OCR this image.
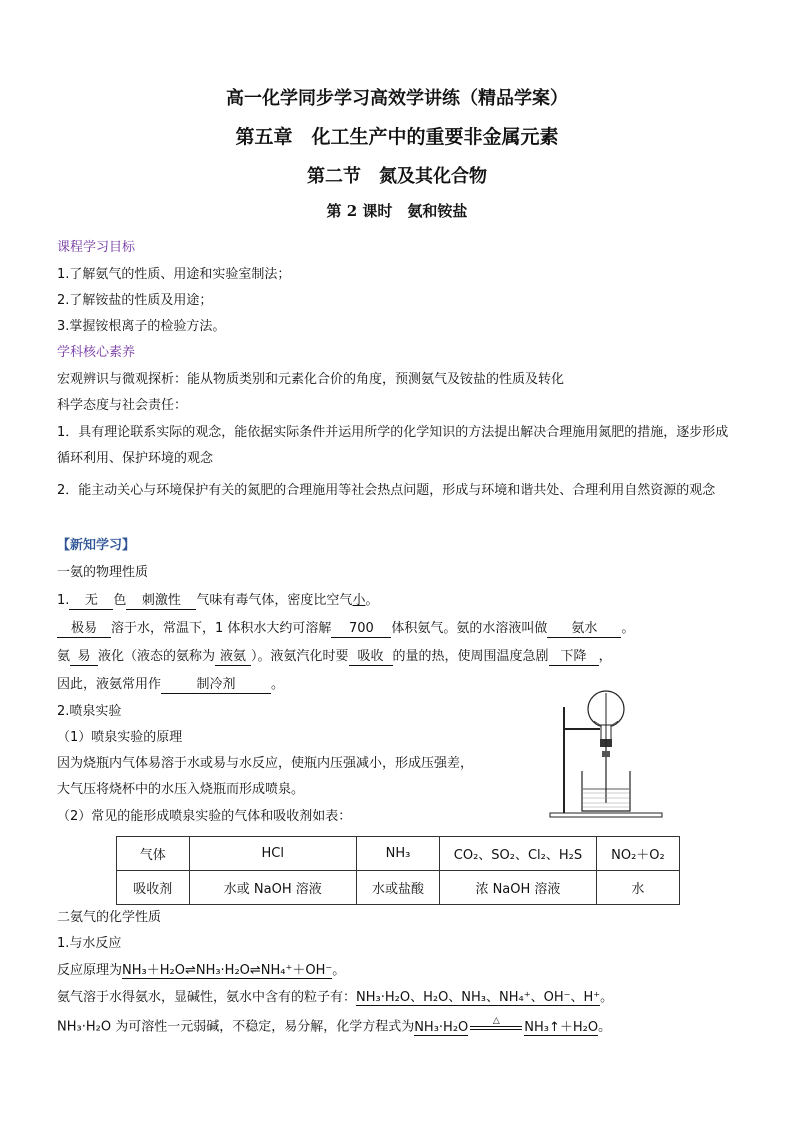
高一化学同步学习高效学讲练（精品学案）
第五章　化工生产中的重要非金属元素
第二节　氮及其化合物
第 2 课时　氨和铵盐
课程学习目标
1.了解氨气的性质、用途和实验室制法；
2.了解铵盐的性质及用途；
3.掌握铵根离子的检验方法。
学科核心素养
宏观辨识与微观探析：能从物质类别和元素化合价的角度，预测氨气及铵盐的性质及转化
科学态度与社会责任：
1．具有理论联系实际的观念，能依据实际条件并运用所学的化学知识的方法提出解决合理施用氮肥的措施，逐步形成循环利用、保护环境的观念
2．能主动关心与环境保护有关的氮肥的合理施用等社会热点问题，形成与环境和谐共处、合理利用自然资源的观念
【新知学习】
一氨的物理性质
1. 无 色 刺激性 气味有毒气体，密度比空气小。
极易 溶于水，常温下，1 体积水大约可溶解 700 体积氨气。氨的水溶液叫做 氨水 。
氨 易 液化（液态的氨称为 液氨 ）。液氨汽化时要 吸收 的量的热，使周围温度急剧 下降 ，
因此，液氨常用作	制冷剂	。
2.喷泉实验
（1）喷泉实验的原理
因为烧瓶内气体易溶于水或易与水反应，使瓶内压强减小，形成压强差，
大气压将烧杯中的水压入烧瓶而形成喷泉。
（2）常见的能形成喷泉实验的气体和吸收剂如表：
气体	HCl	NH₃	CO₂、SO₂、Cl₂、H₂S	NO₂＋O₂
吸收剂	水或 NaOH 溶液	水或盐酸	浓 NaOH 溶液	水
二氨气的化学性质
1.与水反应
反应原理为NH₃＋H₂O⇌NH₃·H₂O⇌NH₄⁺＋OH⁻。
氨气溶于水得氨水，显碱性，氨水中含有的粒子有：NH₃·H₂O、H₂O、NH₃、NH₄⁺、OH⁻、H⁺。
NH₃·H₂O 为可溶性一元弱碱，不稳定，易分解，化学方程式为NH₃·H₂O	△	NH₃↑＋H₂O。
